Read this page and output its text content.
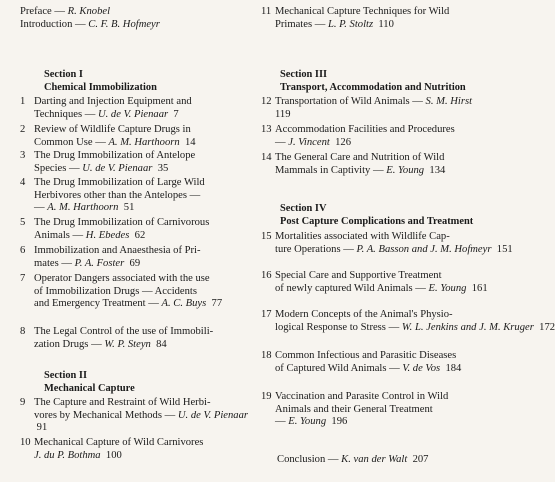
Preface — R. Knobel
Introduction — C. F. B. Hofmeyr
Section I
Chemical Immobilization
1 Darting and Injection Equipment and
Techniques — U. de V. Pienaar 7
2 Review of Wildlife Capture Drugs in
Common Use — A. M. Harthoorn 14
3 The Drug Immobilization of Antelope
Species — U. de V. Pienaar 35
4 The Drug Immobilization of Large Wild
Herbivores other than the Antelopes —
— A. M. Harthoorn 51
5 The Drug Immobilization of Carnivorous
Animals — H. Ebedes 62
6 Immobilization and Anaesthesia of Pri-
mates — P. A. Foster 69
7 Operator Dangers associated with the use
of Immobilization Drugs — Accidents
and Emergency Treatment — A. C. Buys 77
8 The Legal Control of the use of Immobili-
zation Drugs — W. P. Steyn 84
Section II
Mechanical Capture
9 The Capture and Restraint of Wild Herbi-
vores by Mechanical Methods — U. de V. Pienaar
91
10 Mechanical Capture of Wild Carnivores
J. du P. Bothma 100
11 Mechanical Capture Techniques for Wild
Primates — L. P. Stoltz 110
Section III
Transport, Accommodation and Nutrition
12 Transportation of Wild Animals — S. M. Hirst
119
13 Accommodation Facilities and Procedures
— J. Vincent 126
14 The General Care and Nutrition of Wild
Mammals in Captivity — E. Young 134
Section IV
Post Capture Complications and Treatment
15 Mortalities associated with Wildlife Cap-
ture Operations — P. A. Basson and J. M. Hofmeyr 151
16 Special Care and Supportive Treatment
of newly captured Wild Animals — E. Young 161
17 Modern Concepts of the Animal's Physio-
logical Response to Stress — W. L. Jenkins and J. M. Kruger 172
18 Common Infectious and Parasitic Diseases
of Captured Wild Animals — V. de Vos 184
19 Vaccination and Parasite Control in Wild
Animals and their General Treatment
— E. Young 196
Conclusion — K. van der Walt 207
